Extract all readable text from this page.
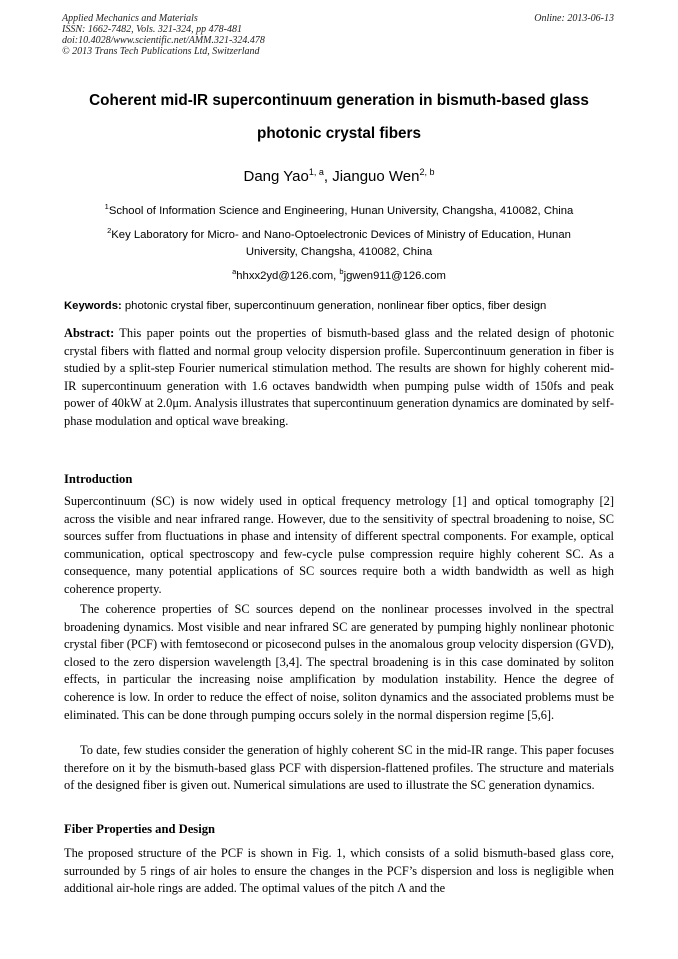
Applied Mechanics and Materials
ISSN: 1662-7482, Vols. 321-324, pp 478-481
doi:10.4028/www.scientific.net/AMM.321-324.478
© 2013 Trans Tech Publications Ltd, Switzerland
Online: 2013-06-13
Coherent mid-IR supercontinuum generation in bismuth-based glass
photonic crystal fibers
Dang Yao$^{1, a}$, Jianguo Wen$^{2, b}$
$^1$School of Information Science and Engineering, Hunan University, Changsha, 410082, China
$^2$Key Laboratory for Micro- and Nano-Optoelectronic Devices of Ministry of Education, Hunan
University, Changsha, 410082, China
$^a$hhxx2yd@126.com, $^b$jgwen911@126.com
Keywords: photonic crystal fiber, supercontinuum generation, nonlinear fiber optics, fiber design
Abstract: This paper points out the properties of bismuth-based glass and the related design of photonic crystal fibers with flatted and normal group velocity dispersion profile. Supercontinuum generation in fiber is studied by a split-step Fourier numerical stimulation method. The results are shown for highly coherent mid-IR supercontinuum generation with 1.6 octaves bandwidth when pumping pulse width of 150fs and peak power of 40kW at 2.0μm. Analysis illustrates that supercontinuum generation dynamics are dominated by self-phase modulation and optical wave breaking.
Introduction
Supercontinuum (SC) is now widely used in optical frequency metrology [1] and optical tomography [2] across the visible and near infrared range. However, due to the sensitivity of spectral broadening to noise, SC sources suffer from fluctuations in phase and intensity of different spectral components. For example, optical communication, optical spectroscopy and few-cycle pulse compression require highly coherent SC. As a consequence, many potential applications of SC sources require both a width bandwidth as well as high coherence property.
The coherence properties of SC sources depend on the nonlinear processes involved in the spectral broadening dynamics. Most visible and near infrared SC are generated by pumping highly nonlinear photonic crystal fiber (PCF) with femtosecond or picosecond pulses in the anomalous group velocity dispersion (GVD), closed to the zero dispersion wavelength [3,4]. The spectral broadening is in this case dominated by soliton effects, in particular the increasing noise amplification by modulation instability. Hence the degree of coherence is low. In order to reduce the effect of noise, soliton dynamics and the associated problems must be eliminated. This can be done through pumping occurs solely in the normal dispersion regime [5,6].
To date, few studies consider the generation of highly coherent SC in the mid-IR range. This paper focuses therefore on it by the bismuth-based glass PCF with dispersion-flattened profiles. The structure and materials of the designed fiber is given out. Numerical simulations are used to illustrate the SC generation dynamics.
Fiber Properties and Design
The proposed structure of the PCF is shown in Fig. 1, which consists of a solid bismuth-based glass core, surrounded by 5 rings of air holes to ensure the changes in the PCF’s dispersion and loss is negligible when additional air-hole rings are added. The optimal values of the pitch Λ and the
